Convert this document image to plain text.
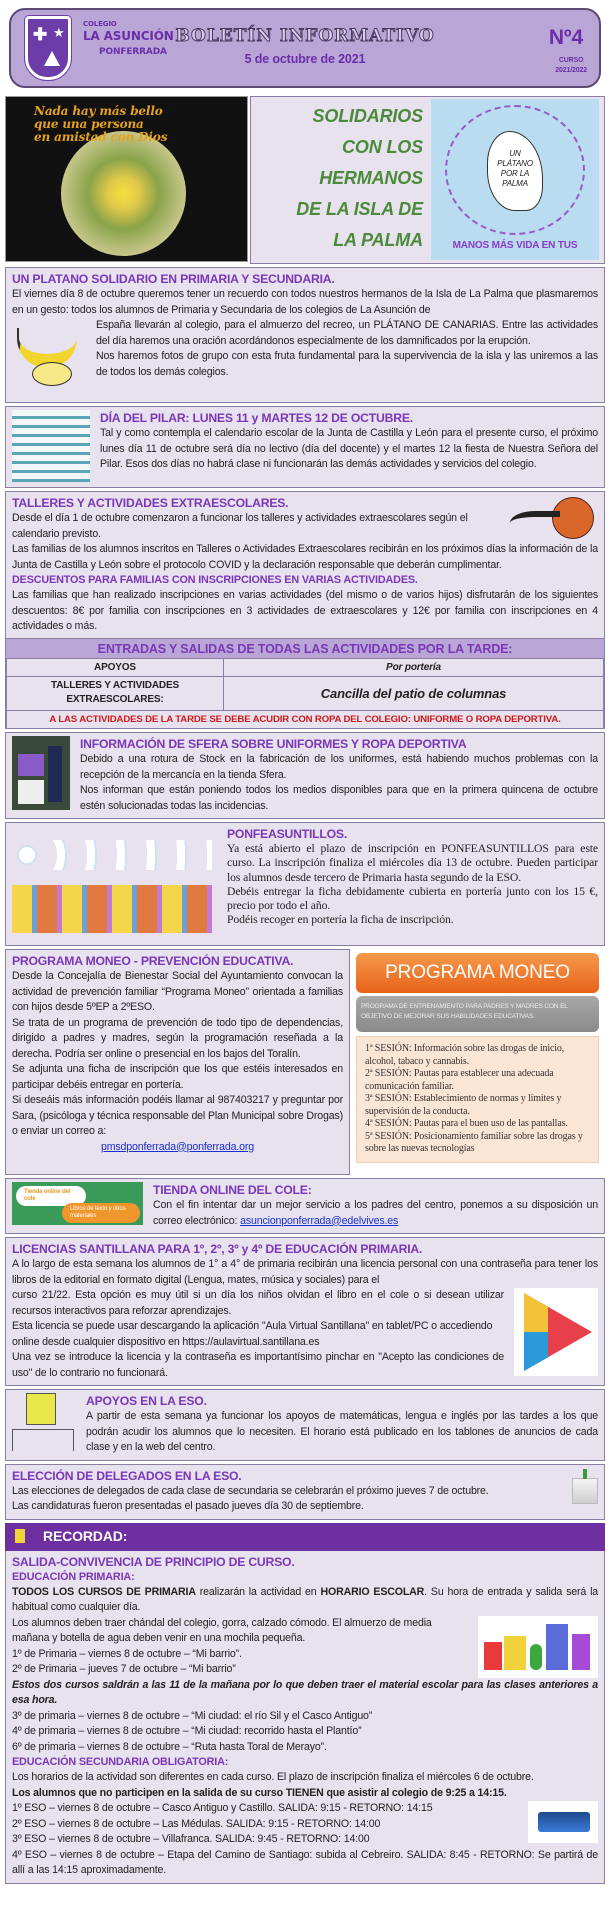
✚ ★
COLEGIO
LA ASUNCIÓN
PONFERRADA
BOLETÍN INFORMATIVO
5 de octubre de 2021
Nº4
CURSO
2021/2022
Nada hay más bello
que una persona
en amistad con Dios
SOLIDARIOS
CON LOS
HERMANOS
DE LA ISLA DE
LA PALMA
UN PLÁTANO POR LA PALMA
MANOS MÁS VIDA EN TUS
UN PLATANO SOLIDARIO EN PRIMARIA Y SECUNDARIA.

El viernes día 8 de octubre queremos tener un recuerdo con todos nuestros hermanos de la Isla de La Palma que plasmaremos en un gesto: todos los alumnos de Primaria y Secundaria de los colegios de La Asunción de

España llevarán al colegio, para el almuerzo del recreo, un PLÁTANO DE CANARIAS. Entre las actividades del día haremos una oración acordándonos especialmente de los damnificados por la erupción.

Nos haremos fotos de grupo con esta fruta fundamental para la supervivencia de la isla y las uniremos a las de todos los demás colegios.

DÍA DEL PILAR: LUNES 11 y MARTES 12 DE OCTUBRE.

Tal y como contempla el calendario escolar de la Junta de Castilla y León para el presente curso, el próximo lunes día 11 de octubre será día no lectivo (día del docente) y el martes 12 la fiesta de Nuestra Señora del Pilar. Esos dos días no habrá clase ni funcionarán las demás actividades y servicios del colegio.

TALLERES Y ACTIVIDADES EXTRAESCOLARES.

Desde el día 1 de octubre comenzaron a funcionar los talleres y actividades extraescolares según el calendario previsto.

Las familias de los alumnos inscritos en Talleres o Actividades Extraescolares recibirán en los próximos días la información de la Junta de Castilla y León sobre el protocolo COVID y la declaración responsable que deberán cumplimentar.

DESCUENTOS PARA FAMILIAS CON INSCRIPCIONES EN VARIAS ACTIVIDADES.

Las familias que han realizado inscripciones en varias actividades (del mismo o de varios hijos) disfrutarán de los siguientes descuentos: 8€ por familia con inscripciones en 3 actividades de extraescolares y 12€ por familia con inscripciones en 4 actividades o más.

ENTRADAS Y SALIDAS DE TODAS LAS ACTIVIDADES POR LA TARDE:
APOYOS	Por portería
TALLERES Y ACTIVIDADES EXTRAESCOLARES:	Cancilla del patio de columnas
A LAS ACTIVIDADES DE LA TARDE SE DEBE ACUDIR CON ROPA DEL COLEGIO: UNIFORME O ROPA DEPORTIVA.	
INFORMACIÓN DE SFERA SOBRE UNIFORMES Y ROPA DEPORTIVA

Debido a una rotura de Stock en la fabricación de los uniformes, está habiendo muchos problemas con la recepción de la mercancía en la tienda Sfera.

Nos informan que están poniendo todos los medios disponibles para que en la primera quincena de octubre estén solucionadas todas las incidencias.

PONFEASUNTILLOS.

Ya está abierto el plazo de inscripción en PONFEASUNTILLOS para este curso. La inscripción finaliza el miércoles día 13 de octubre. Pueden participar los alumnos desde tercero de Primaria hasta segundo de la ESO.

Debéis entregar la ficha debidamente cubierta en portería junto con los 15 €, precio por todo el año.

Podéis recoger en portería la ficha de inscripción.

PROGRAMA MONEO - PREVENCIÓN EDUCATIVA.

Desde la Concejalía de Bienestar Social del Ayuntamiento convocan la actividad de prevención familiar “Programa Moneo” orientada a familias con hijos desde 5ºEP a 2ºESO.

Se trata de un programa de prevención de todo tipo de dependencias, dirigido a padres y madres, según la programación reseñada a la derecha. Podría ser online o presencial en los bajos del Toralín.

Se adjunta una ficha de inscripción que los que estéis interesados en participar debéis entregar en portería.

Si deseáis más información podéis llamar al 987403217 y preguntar por Sara, (psicóloga y técnica responsable del Plan Municipal sobre Drogas) o enviar un correo a:

pmsdponferrada@ponferrada.org

PROGRAMA MONEO
PROGRAMA DE ENTRENAMIENTO PARA PADRES Y MADRES CON EL OBJETIVO DE MEJORAR SUS HABILIDADES EDUCATIVAS.
1ª SESIÓN: Información sobre las drogas de inicio, alcohol, tabaco y cannabis.
2ª SESIÓN: Pautas para establecer una adecuada comunicación familiar.
3ª SESIÓN: Establecimiento de normas y límites y supervisión de la conducta.
4ª SESIÓN: Pautas para el buen uso de las pantallas.
5ª SESIÓN: Posicionamiento familiar sobre las drogas y sobre las nuevas tecnologías
Tienda online del cole
Libros de texto y otros materiales
TIENDA ONLINE DEL COLE:

Con el fin intentar dar un mejor servicio a los padres del centro, ponemos a su disposición un correo electrónico: asuncionponferrada@edelvives.es

LICENCIAS SANTILLANA PARA 1º, 2º, 3º y 4º DE EDUCACIÓN PRIMARIA.

A lo largo de esta semana los alumnos de 1° a 4° de primaria recibirán una licencia personal con una contraseña para tener los libros de la editorial en formato digital (Lengua, mates, música y sociales) para el

curso 21/22. Esta opción es muy útil si un día los niños olvidan el libro en el cole o si desean utilizar recursos interactivos para reforzar aprendizajes.

Esta licencia se puede usar descargando la aplicación "Aula Virtual Santillana" en tablet/PC o accediendo online desde cualquier dispositivo en https://aulavirtual.santillana.es

Una vez se introduce la licencia y la contraseña es importantísimo pinchar en "Acepto las condiciones de uso" de lo contrario no funcionará.

APOYOS EN LA ESO.

A partir de esta semana ya funcionar los apoyos de matemáticas, lengua e inglés por las tardes a los que podrán acudir los alumnos que lo necesiten. El horario está publicado en los tablones de anuncios de cada clase y en la web del centro.

ELECCIÓN DE DELEGADOS EN LA ESO.

Las elecciones de delegados de cada clase de secundaria se celebrarán el próximo jueves 7 de octubre.

Las candidaturas fueron presentadas el pasado jueves día 30 de septiembre.

RECORDAD:
SALIDA-CONVIVENCIA DE PRINCIPIO DE CURSO.
EDUCACIÓN PRIMARIA:

TODOS LOS CURSOS DE PRIMARIA realizarán la actividad en HORARIO ESCOLAR. Su hora de entrada y salida será la habitual como cualquier día.

Los alumnos deben traer chándal del colegio, gorra, calzado cómodo. El almuerzo de media mañana y botella de agua deben venir en una mochila pequeña.

1º de Primaria – viernes 8 de octubre – “Mi barrio”.
2º de Primaria – jueves 7 de octubre – “Mi barrio”

Estos dos cursos saldrán a las 11 de la mañana por lo que deben traer el material escolar para las clases anteriores a esa hora.

3º de primaria – viernes 8 de octubre – “Mi ciudad: el río Sil y el Casco Antiguo”
4º de primaria – viernes 8 de octubre – “Mi ciudad: recorrido hasta el Plantío”
6º de primaria – viernes 8 de octubre – “Ruta hasta Toral de Merayo”.
EDUCACIÓN SECUNDARIA OBLIGATORIA:

Los horarios de la actividad son diferentes en cada curso. El plazo de inscripción finaliza el miércoles 6 de octubre.

Los alumnos que no participen en la salida de su curso TIENEN que asistir al colegio de 9:25 a 14:15.

1º ESO – viernes 8 de octubre – Casco Antiguo y Castillo. SALIDA: 9:15 - RETORNO: 14:15
2º ESO – viernes 8 de octubre – Las Médulas. SALIDA: 9:15 - RETORNO: 14:00
3º ESO – viernes 8 de octubre – Villafranca. SALIDA: 9:45 - RETORNO: 14:00

4º ESO – viernes 8 de octubre – Etapa del Camino de Santiago: subida al Cebreiro. SALIDA: 8:45 - RETORNO: Se partirá de allí a las 14:15 aproximadamente.
